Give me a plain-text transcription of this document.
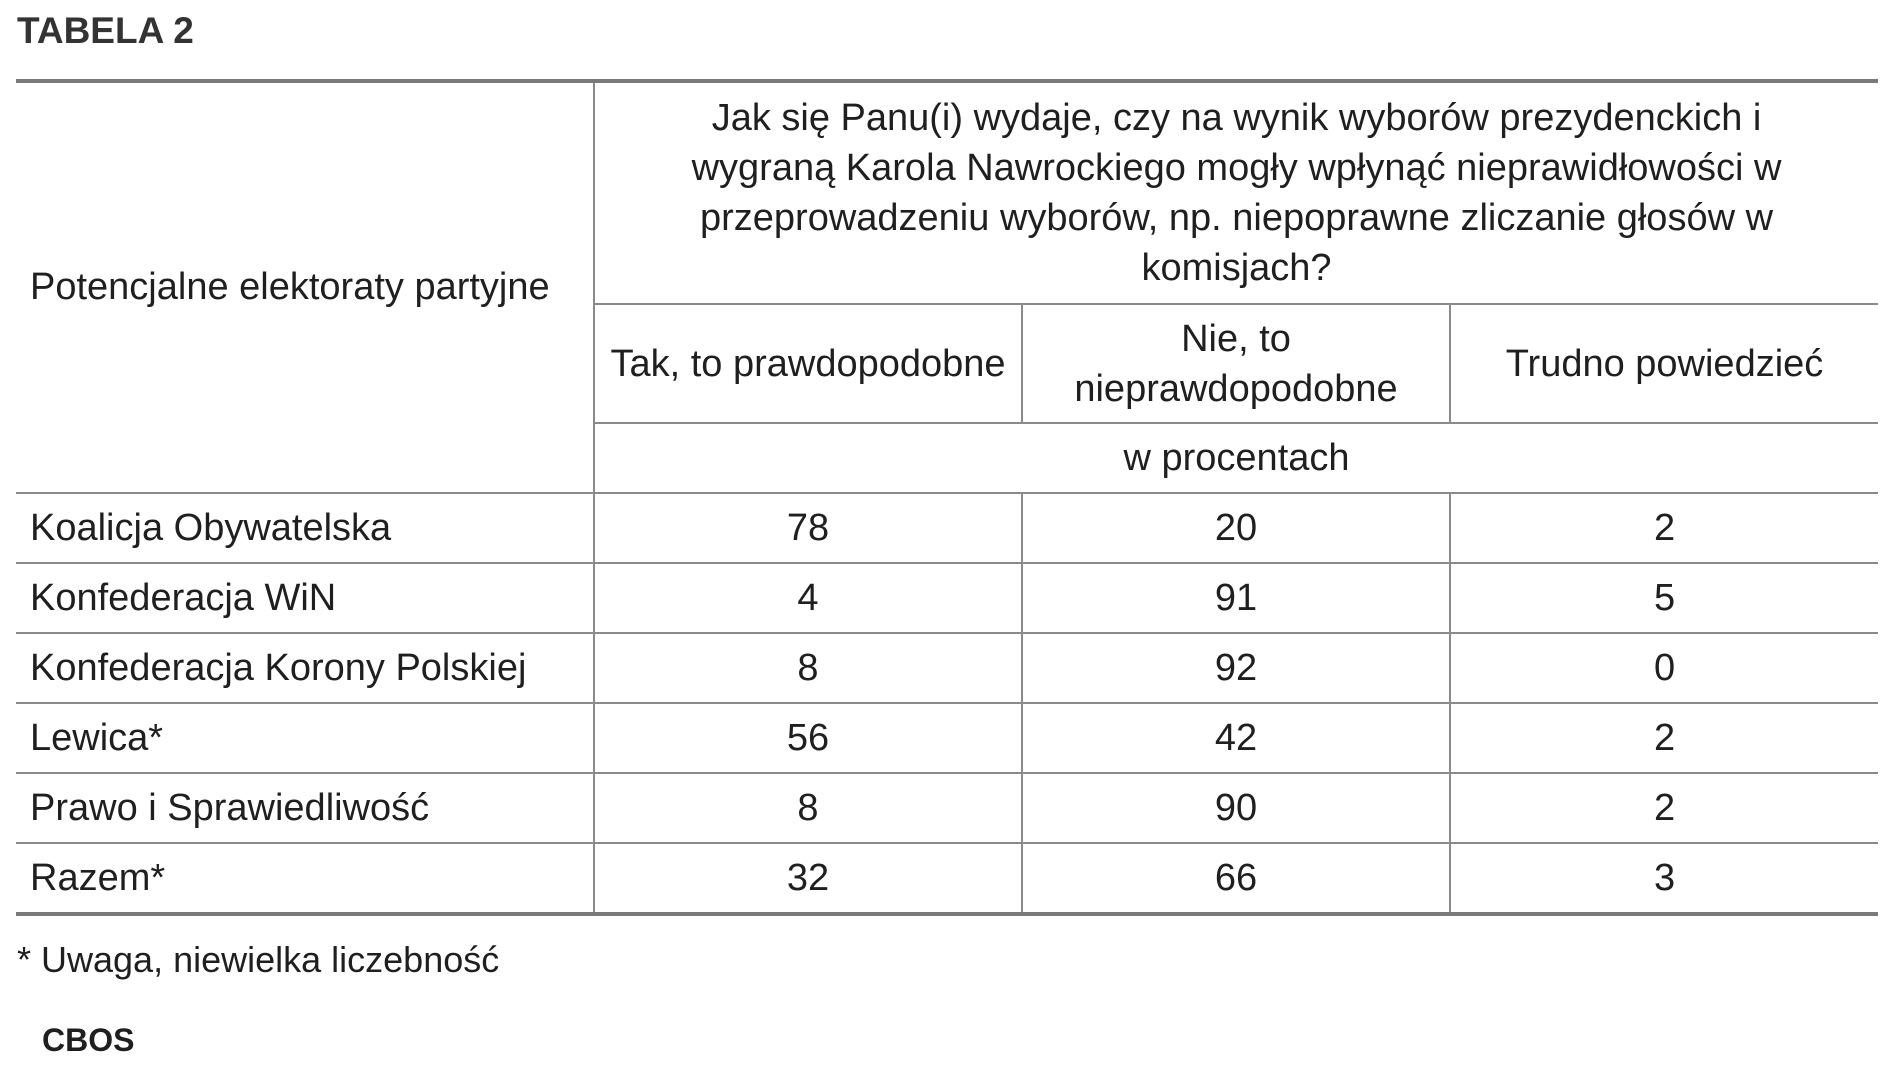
TABELA 2
Potencjalne elektoraty partyjne	Jak się Panu(i) wydaje, czy na wynik wyborów prezydenckich i wygraną Karola Nawrockiego mogły wpłynąć nieprawidłowości w przeprowadzeniu wyborów, np. niepoprawne zliczanie głosów w komisjach?		
	Tak, to prawdopodobne	Nie, to nieprawdopodobne	Trudno powiedzieć
	w procentach		
Koalicja Obywatelska	78	20	2
Konfederacja WiN	4	91	5
Konfederacja Korony Polskiej	8	92	0
Lewica*	56	42	2
Prawo i Sprawiedliwość	8	90	2
Razem*	32	66	3
* Uwaga, niewielka liczebność
CBOS
